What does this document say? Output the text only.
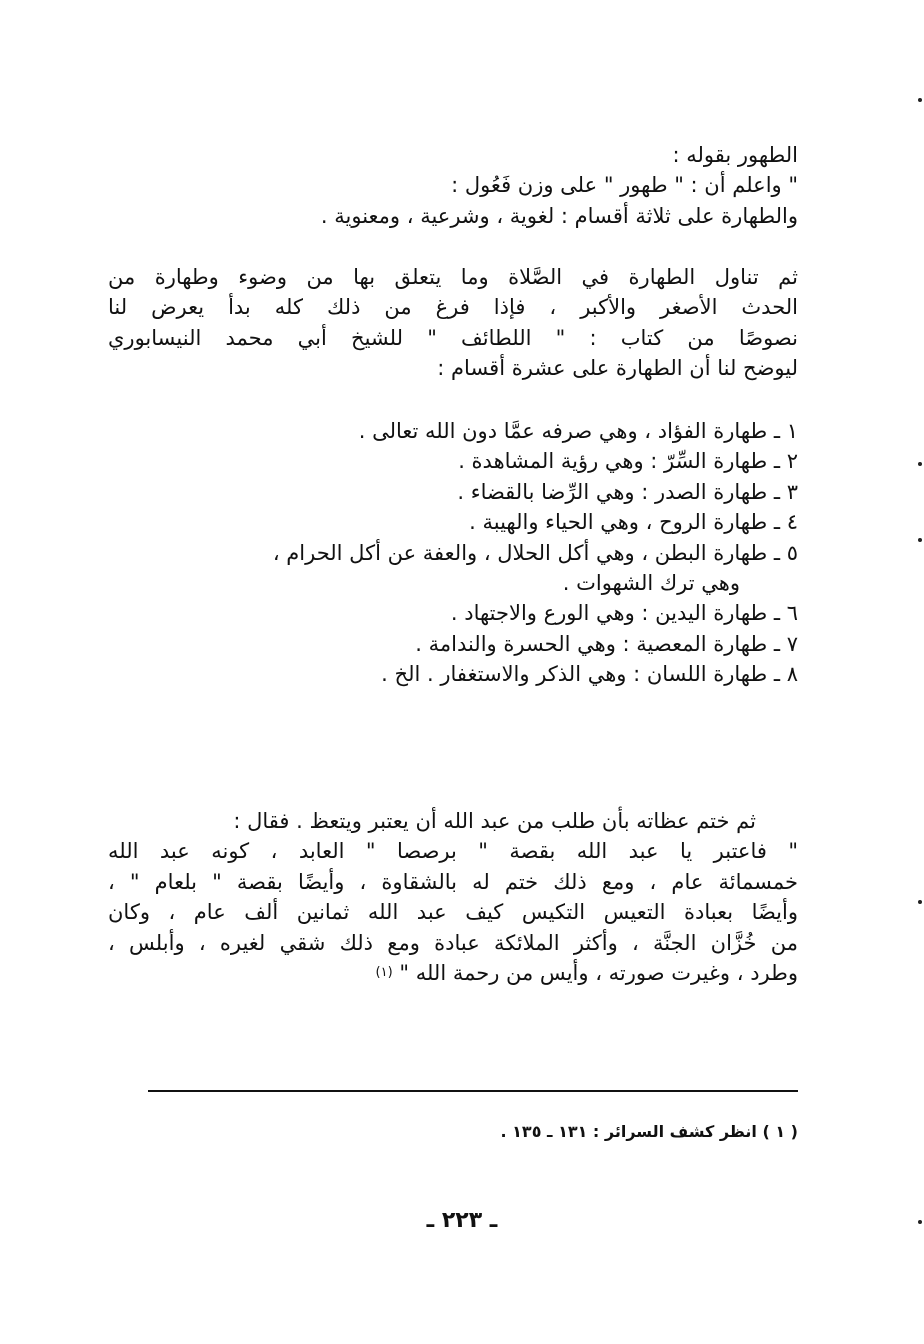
الطهور بقوله :
" واعلم أن : " طهور " على وزن فَعُول :
والطهارة على ثلاثة أقسام : لغوية ، وشرعية ، ومعنوية .
ثم تناول الطهارة في الصَّلاة وما يتعلق بها من وضوء وطهارة من
الحدث الأصغر والأكبر ، فإذا فرغ من ذلك كله بدأ يعرض لنا
نصوصًا من كتاب : " اللطائف " للشيخ أبي محمد النيسابوري
ليوضح لنا أن الطهارة على عشرة أقسام :
١ ـ طهارة الفؤاد ، وهي صرفه عمَّا دون الله تعالى .
٢ ـ طهارة السِّرّ : وهي رؤية المشاهدة .
٣ ـ طهارة الصدر : وهي الرِّضا بالقضاء .
٤ ـ طهارة الروح ، وهي الحياء والهيبة .
٥ ـ طهارة البطن ، وهي أكل الحلال ، والعفة عن أكل الحرام ،
وهي ترك الشهوات .
٦ ـ طهارة اليدين : وهي الورع والاجتهاد .
٧ ـ طهارة المعصية : وهي الحسرة والندامة .
٨ ـ طهارة اللسان : وهي الذكر والاستغفار . الخ .
ثم ختم عظاته بأن طلب من عبد الله أن يعتبر ويتعظ . فقال :
" فاعتبر يا عبد الله بقصة " برصصا " العابد ، كونه عبد الله
خمسمائة عام ، ومع ذلك ختم له بالشقاوة ، وأيضًا بقصة " بلعام " ،
وأيضًا بعبادة التعيس التكيس كيف عبد الله ثمانين ألف عام ، وكان
من خُزَّان الجنَّة ، وأكثر الملائكة عبادة ومع ذلك شقي لغيره ، وأبلس ،
وطرد ، وغيرت صورته ، وأيس من رحمة الله " $^{(١)}$
( ١ ) انظر كشف السرائر : ١٣١ ـ ١٣٥ .
ـ ٢٢٣ ـ
